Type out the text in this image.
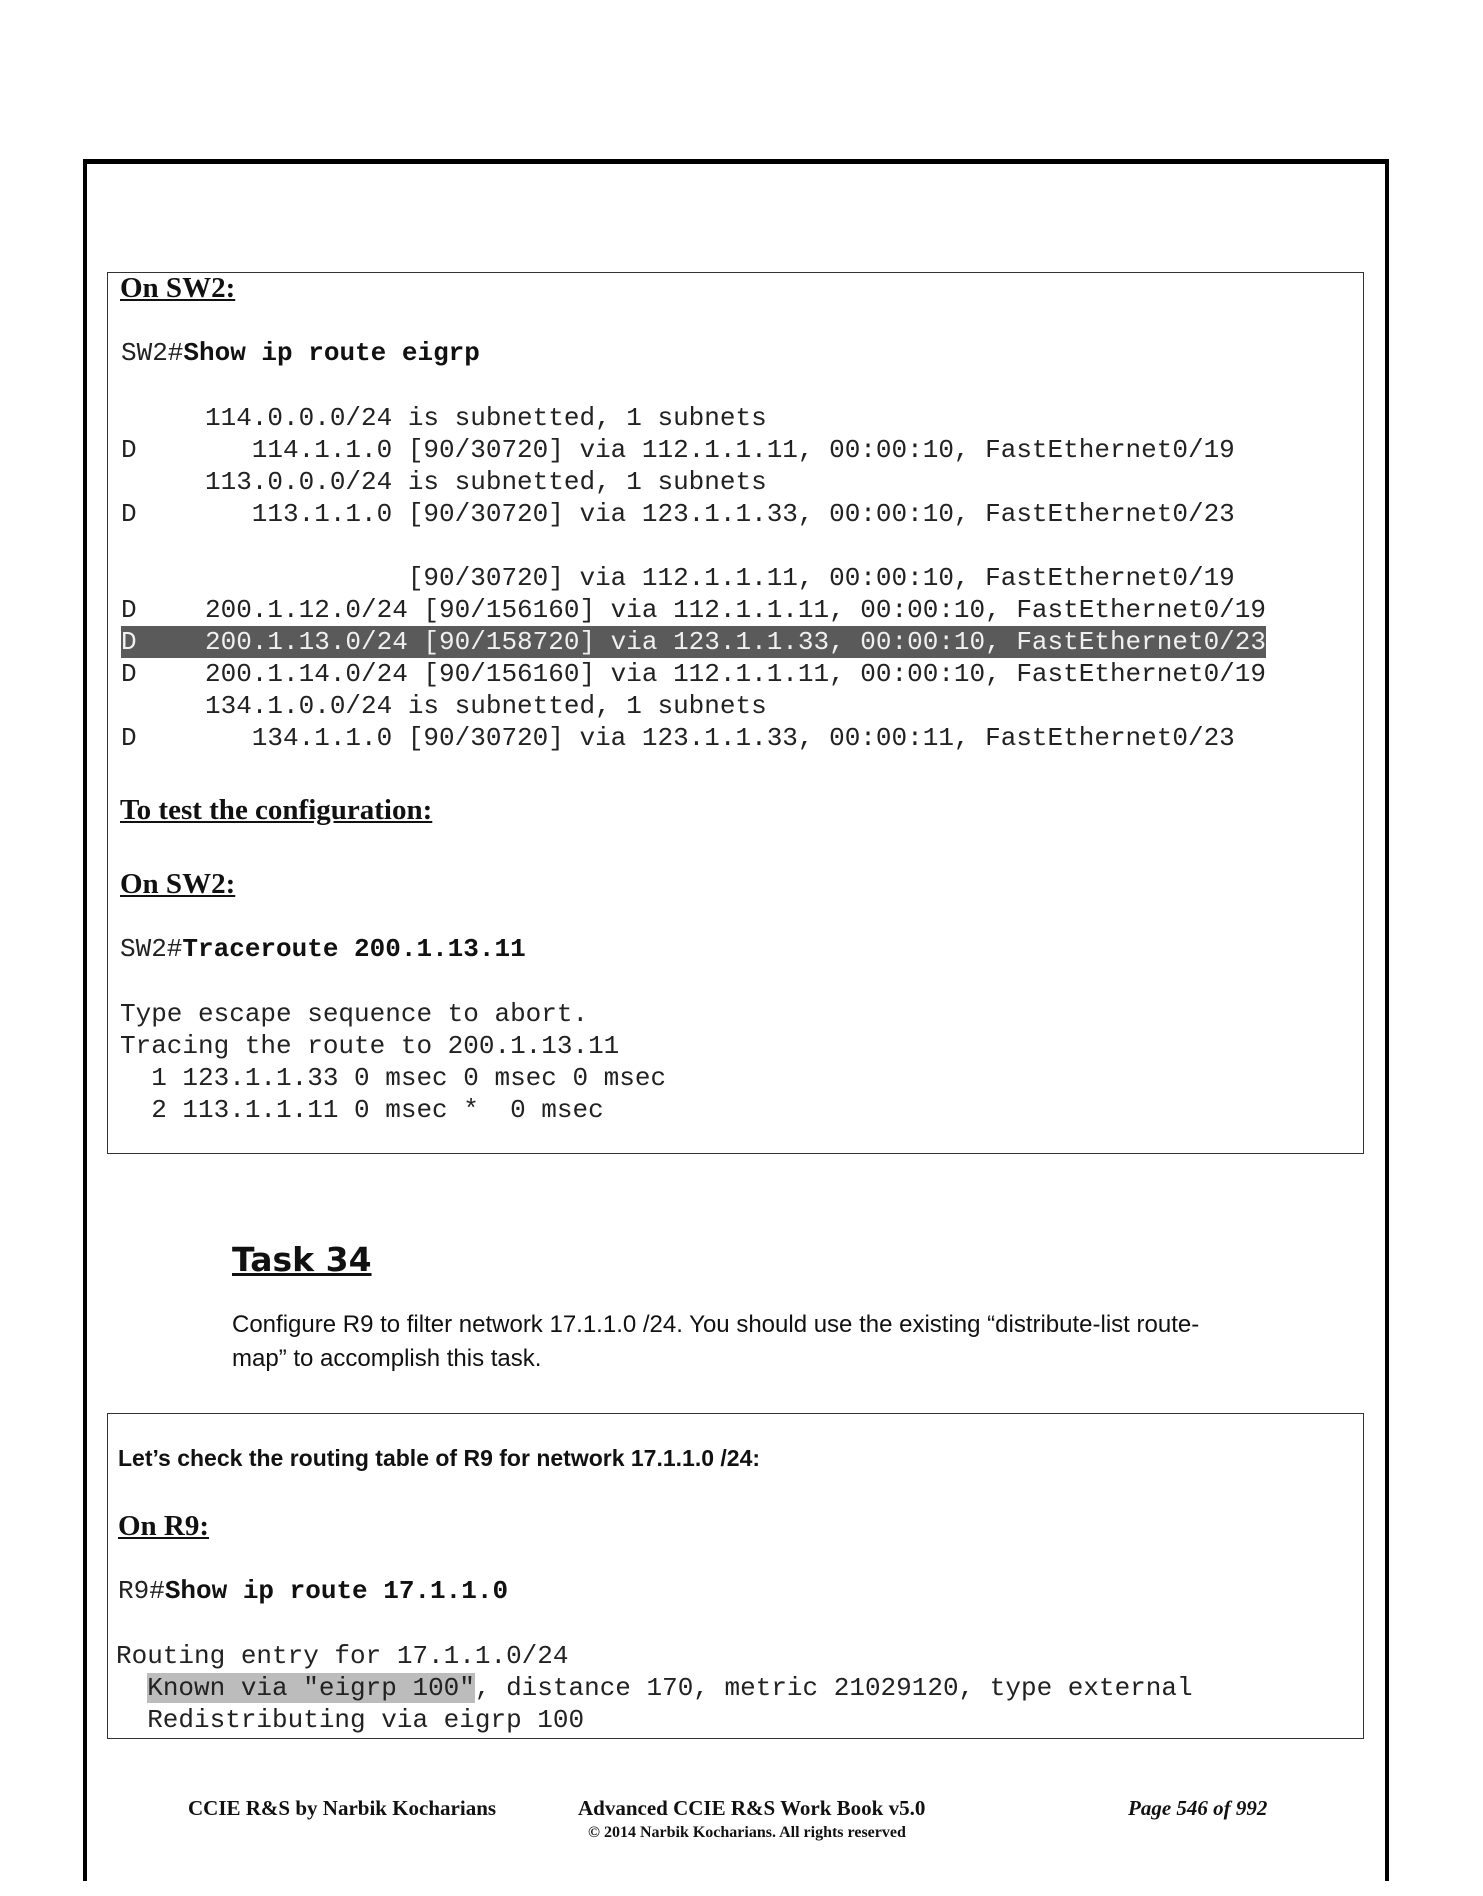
On SW2:

SW2#Show ip route eigrp

114.0.0.0/24 is subnetted, 1 subnets

D	114.1.1.0 [90/30720] via 112.1.1.11, 00:00:10, FastEthernet0/19

113.0.0.0/24 is subnetted, 1 subnets

D	113.1.1.0 [90/30720] via 123.1.1.33, 00:00:10, FastEthernet0/23

[90/30720] via 112.1.1.11, 00:00:10, FastEthernet0/19

D	200.1.12.0/24 [90/156160] via 112.1.1.11, 00:00:10, FastEthernet0/19

D	200.1.13.0/24 [90/158720] via 123.1.1.33, 00:00:10, FastEthernet0/23

D	200.1.14.0/24 [90/156160] via 112.1.1.11, 00:00:10, FastEthernet0/19

134.1.0.0/24 is subnetted, 1 subnets

D	134.1.1.0 [90/30720] via 123.1.1.33, 00:00:11, FastEthernet0/23

To test the configuration:

On SW2:

SW2#Traceroute 200.1.13.11

Type escape sequence to abort.

Tracing the route to 200.1.13.11

1 123.1.1.33 0 msec 0 msec 0 msec

2 113.1.1.11 0 msec *  0 msec

Task 34

Configure R9 to filter network 17.1.1.0 /24. You should use the existing “distribute-list route-map” to accomplish this task.

Let’s check the routing table of R9 for network 17.1.1.0 /24:

On R9:

R9#Show ip route 17.1.1.0

Routing entry for 17.1.1.0/24

Known via "eigrp 100", distance 170, metric 21029120, type external

Redistributing via eigrp 100

CCIE R&S by Narbik Kocharians	Advanced CCIE R&S Work Book v5.0

© 2014 Narbik Kocharians. All rights reserved

Page 546 of 992
